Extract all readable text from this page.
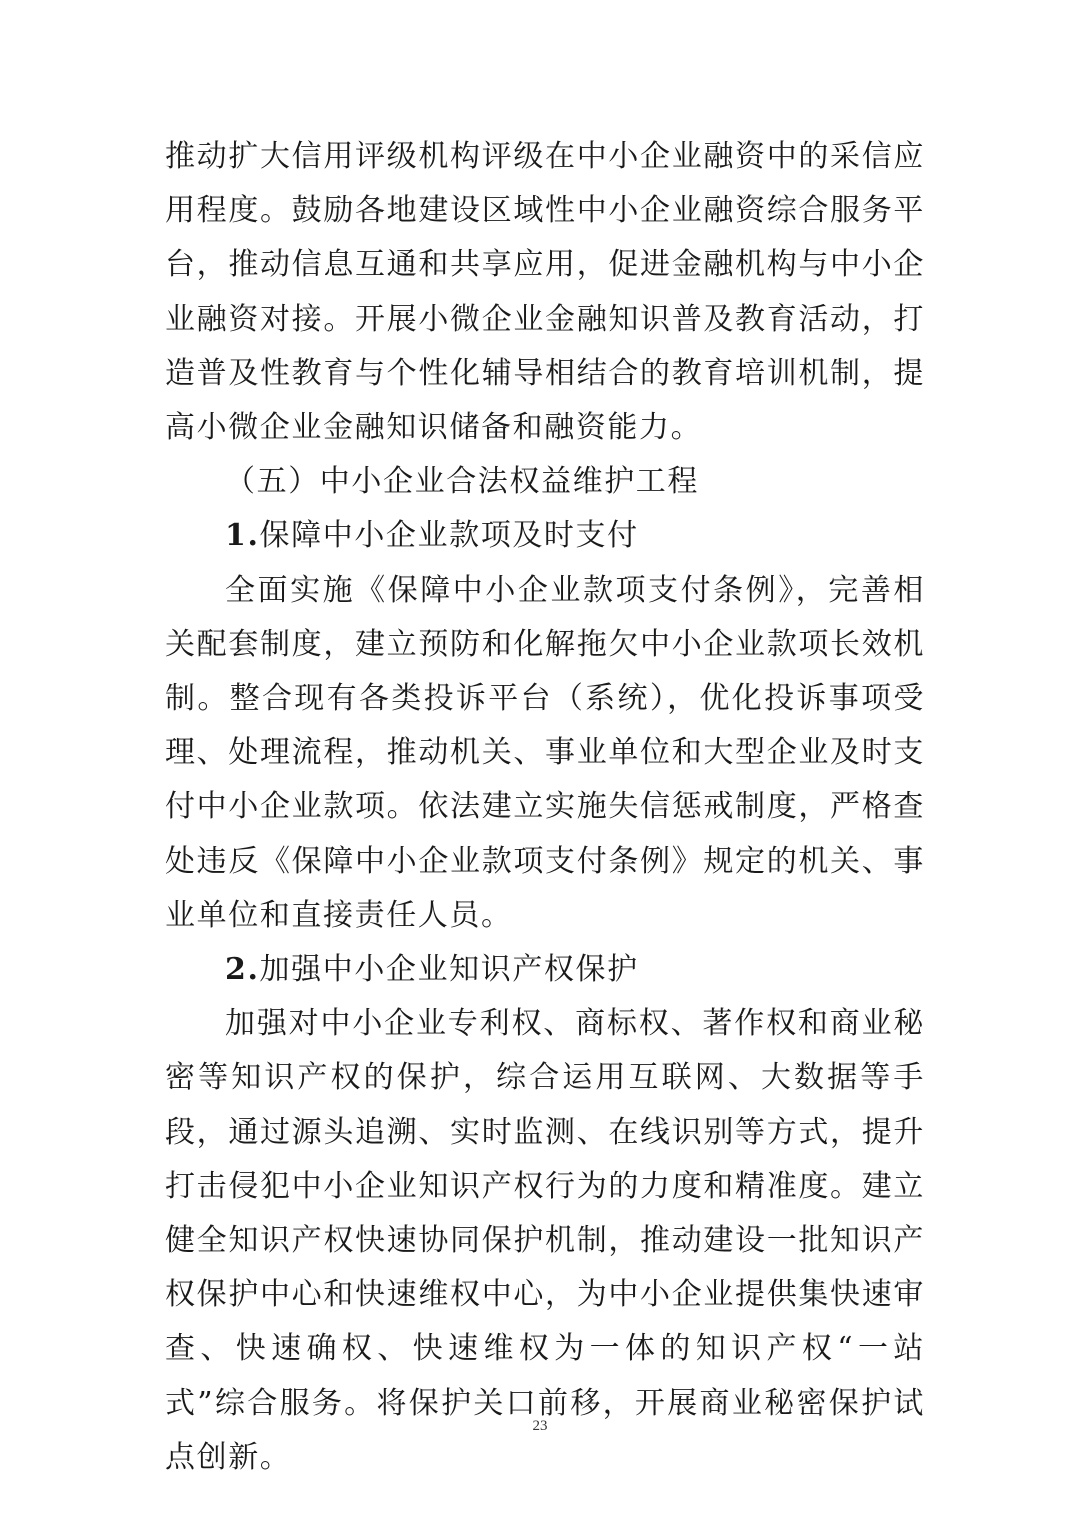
推动扩大信用评级机构评级在中小企业融资中的采信应用程度。鼓励各地建设区域性中小企业融资综合服务平台，推动信息互通和共享应用，促进金融机构与中小企业融资对接。开展小微企业金融知识普及教育活动，打造普及性教育与个性化辅导相结合的教育培训机制，提高小微企业金融知识储备和融资能力。

（五）中小企业合法权益维护工程

1.保障中小企业款项及时支付

全面实施《保障中小企业款项支付条例》，完善相关配套制度，建立预防和化解拖欠中小企业款项长效机制。整合现有各类投诉平台（系统），优化投诉事项受理、处理流程，推动机关、事业单位和大型企业及时支付中小企业款项。依法建立实施失信惩戒制度，严格查处违反《保障中小企业款项支付条例》规定的机关、事业单位和直接责任人员。

2.加强中小企业知识产权保护

加强对中小企业专利权、商标权、著作权和商业秘密等知识产权的保护，综合运用互联网、大数据等手段，通过源头追溯、实时监测、在线识别等方式，提升打击侵犯中小企业知识产权行为的力度和精准度。建立健全知识产权快速协同保护机制，推动建设一批知识产权保护中心和快速维权中心，为中小企业提供集快速审查、快速确权、快速维权为一体的知识产权“一站式”综合服务。将保护关口前移，开展商业秘密保护试点创新。

23
